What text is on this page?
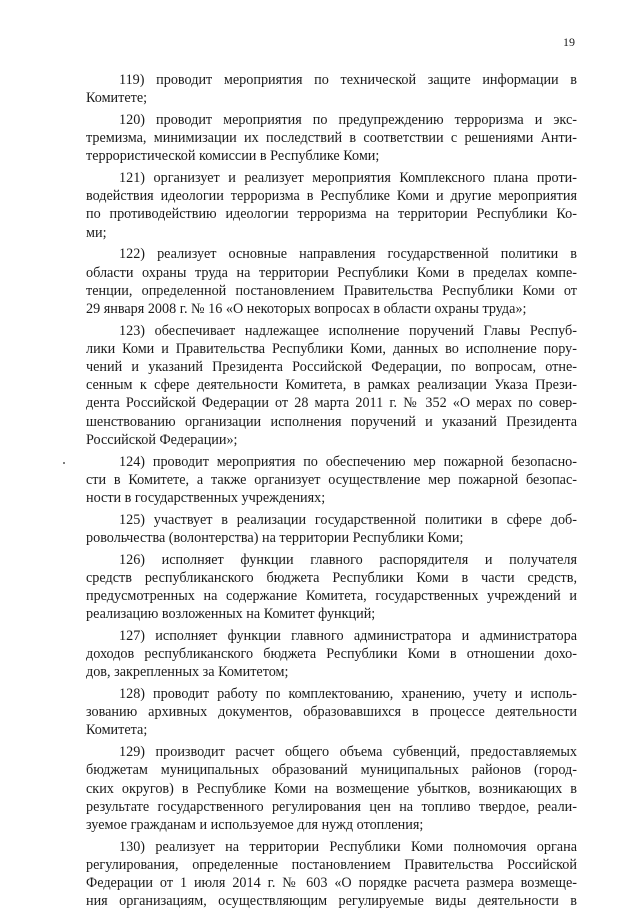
19

119) проводит мероприятия по технической защите информации в
Комитете;

120) проводит мероприятия по предупреждению терроризма и экс-
тремизма, минимизации их последствий в соответствии с решениями Анти-
террористической комиссии в Республике Коми;

121) организует и реализует мероприятия Комплексного плана проти-
водействия идеологии терроризма в Республике Коми и другие мероприятия
по противодействию идеологии терроризма на территории Республики Ко-
ми;

122) реализует основные направления государственной политики в
области охраны труда на территории Республики Коми в пределах компе-
тенции, определенной постановлением Правительства Республики Коми от
29 января 2008 г. № 16 «О некоторых вопросах в области охраны труда»;

123) обеспечивает надлежащее исполнение поручений Главы Респуб-
лики Коми и Правительства Республики Коми, данных во исполнение пору-
чений и указаний Президента Российской Федерации, по вопросам, отне-
сенным к сфере деятельности Комитета, в рамках реализации Указа Прези-
дента Российской Федерации от 28 марта 2011 г. № 352 «О мерах по совер-
шенствованию организации исполнения поручений и указаний Президента
Российской Федерации»;

124) проводит мероприятия по обеспечению мер пожарной безопасно-
сти в Комитете, а также организует осуществление мер пожарной безопас-
ности в государственных учреждениях;

125) участвует в реализации государственной политики в сфере доб-
ровольчества (волонтерства) на территории Республики Коми;

126) исполняет функции главного распорядителя и получателя
средств республиканского бюджета Республики Коми в части средств,
предусмотренных на содержание Комитета, государственных учреждений и
реализацию возложенных на Комитет функций;

127) исполняет функции главного администратора и администратора
доходов республиканского бюджета Республики Коми в отношении дохо-
дов, закрепленных за Комитетом;

128) проводит работу по комплектованию, хранению, учету и исполь-
зованию архивных документов, образовавшихся в процессе деятельности
Комитета;

129) производит расчет общего объема субвенций, предоставляемых
бюджетам муниципальных образований муниципальных районов (город-
ских округов) в Республике Коми на возмещение убытков, возникающих в
результате государственного регулирования цен на топливо твердое, реали-
зуемое гражданам и используемое для нужд отопления;

130) реализует на территории Республики Коми полномочия органа
регулирования, определенные постановлением Правительства Российской
Федерации от 1 июля 2014 г. № 603 «О порядке расчета размера возмеще-
ния организациям, осуществляющим регулируемые виды деятельности в
